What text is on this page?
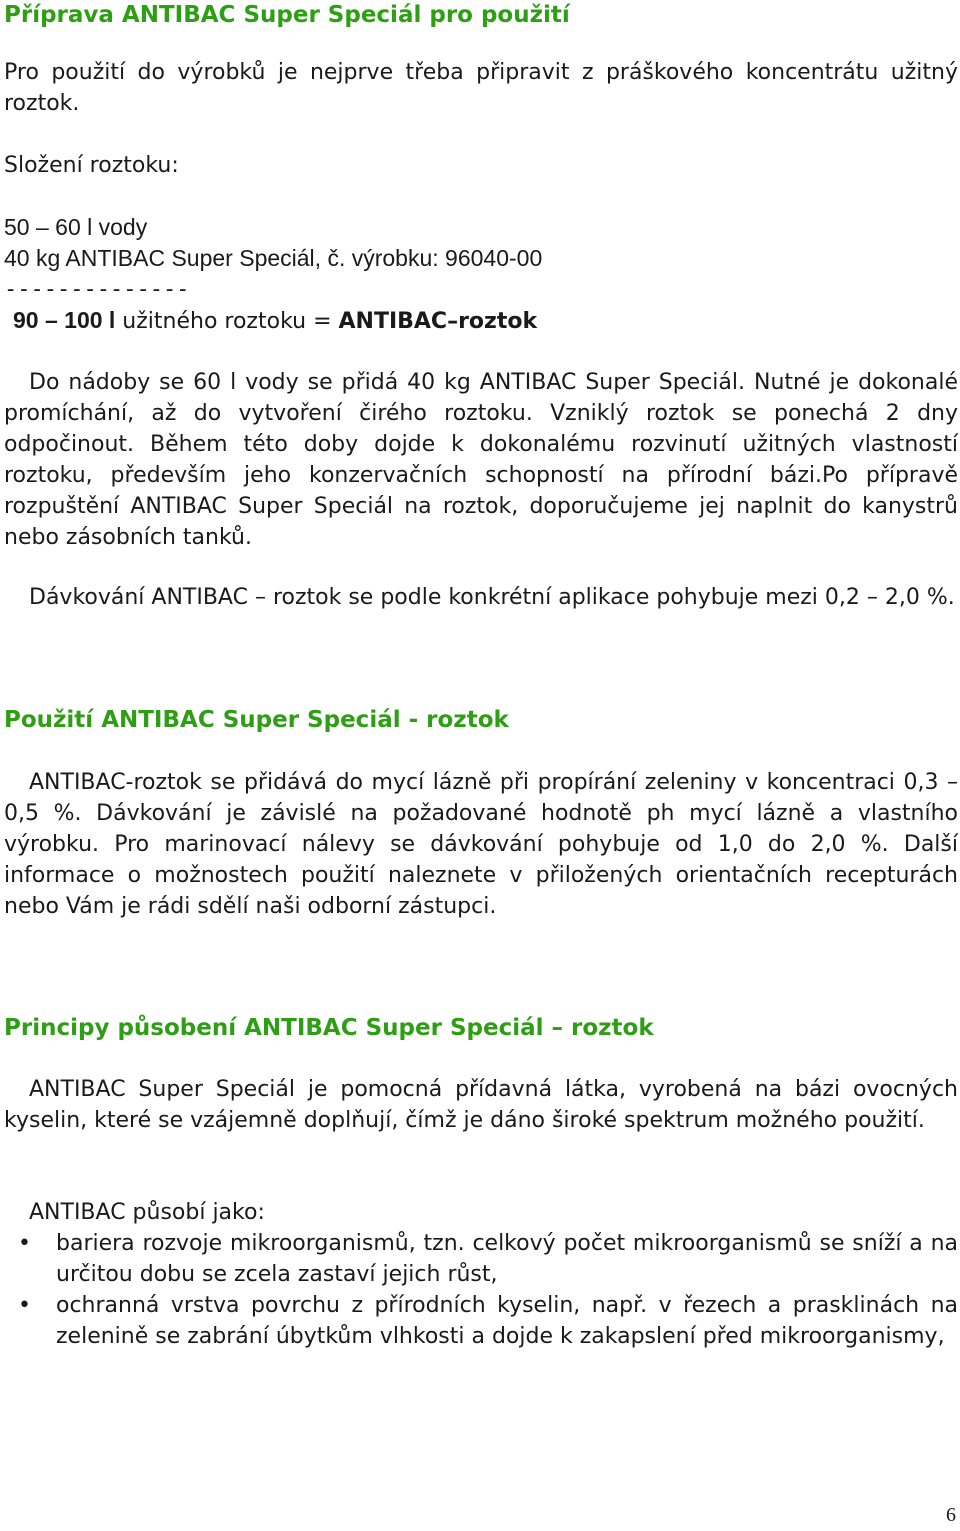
Příprava ANTIBAC Super Speciál pro použití
Pro použití do výrobků je nejprve třeba připravit z práškového koncentrátu užitný roztok.
Složení roztoku:
50 – 60 l vody
40 kg ANTIBAC Super Speciál, č. výrobku: 96040-00
--------------
90 – 100 l užitného roztoku = ANTIBAC–roztok
Do nádoby se 60 l vody se přidá 40 kg ANTIBAC Super Speciál. Nutné je dokonalé promíchání, až do vytvoření čirého roztoku. Vzniklý roztok se ponechá 2 dny odpočinout. Během této doby dojde k dokonalému rozvinutí užitných vlastností roztoku, především jeho konzervačních schopností na přírodní bázi.Po přípravě rozpuštění ANTIBAC Super Speciál na roztok, doporučujeme jej naplnit do kanystrů nebo zásobních tanků.
Dávkování ANTIBAC – roztok se podle konkrétní aplikace pohybuje mezi 0,2 – 2,0 %.
Použití ANTIBAC Super Speciál - roztok
ANTIBAC-roztok se přidává do mycí lázně při propírání zeleniny v koncentraci 0,3 – 0,5 %. Dávkování je závislé na požadované hodnotě ph mycí lázně a vlastního výrobku. Pro marinovací nálevy se dávkování pohybuje od 1,0 do 2,0 %. Další informace o možnostech použití naleznete v přiložených orientačních recepturách nebo Vám je rádi sdělí naši odborní zástupci.
Principy působení ANTIBAC Super Speciál – roztok
ANTIBAC Super Speciál je pomocná přídavná látka, vyrobená na bázi ovocných kyselin, které se vzájemně doplňují, čímž je dáno široké spektrum možného použití.
ANTIBAC působí jako:
• bariera rozvoje mikroorganismů, tzn. celkový počet mikroorganismů se sníží a na určitou dobu se zcela zastaví jejich růst,
• ochranná vrstva povrchu z přírodních kyselin, např. v řezech a prasklinách na zelenině se zabrání úbytkům vlhkosti a dojde k zakapslení před mikroorganismy,
6
